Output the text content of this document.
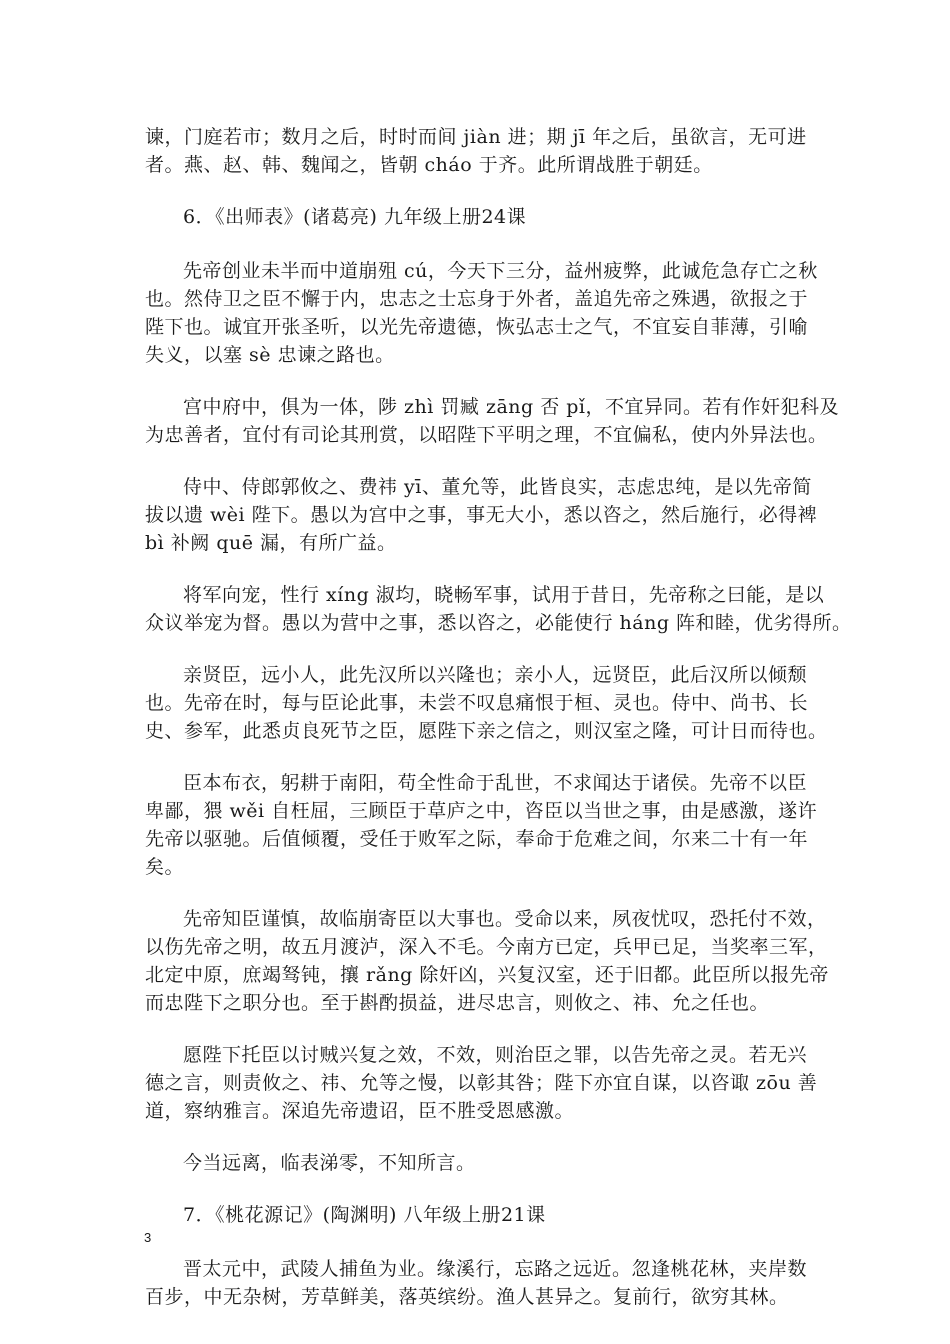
谏，门庭若市；数月之后，时时而间 jiàn 进；期 jī 年之后，虽欲言，无可进
者。燕、赵、韩、魏闻之，皆朝 cháo 于齐。此所谓战胜于朝廷。
6．《出师表》(诸葛亮) 九年级上册24课
先帝创业未半而中道崩殂 cú，今天下三分，益州疲弊，此诚危急存亡之秋
也。然侍卫之臣不懈于内，忠志之士忘身于外者，盖追先帝之殊遇，欲报之于
陛下也。诚宜开张圣听，以光先帝遗德，恢弘志士之气，不宜妄自菲薄，引喻
失义，以塞 sè 忠谏之路也。
宫中府中，俱为一体，陟 zhì 罚臧 zāng 否 pǐ，不宜异同。若有作奸犯科及
为忠善者，宜付有司论其刑赏，以昭陛下平明之理，不宜偏私，使内外异法也。
侍中、侍郎郭攸之、费祎 yī、董允等，此皆良实，志虑忠纯，是以先帝简
拔以遗 wèi 陛下。愚以为宫中之事，事无大小，悉以咨之，然后施行，必得裨
bì 补阙 quē 漏，有所广益。
将军向宠，性行 xíng 淑均，晓畅军事，试用于昔日，先帝称之曰能，是以
众议举宠为督。愚以为营中之事，悉以咨之，必能使行 háng 阵和睦，优劣得所。
亲贤臣，远小人，此先汉所以兴隆也；亲小人，远贤臣，此后汉所以倾颓
也。先帝在时，每与臣论此事，未尝不叹息痛恨于桓、灵也。侍中、尚书、长
史、参军，此悉贞良死节之臣，愿陛下亲之信之，则汉室之隆，可计日而待也。
臣本布衣，躬耕于南阳，苟全性命于乱世，不求闻达于诸侯。先帝不以臣
卑鄙，猥 wěi 自枉屈，三顾臣于草庐之中，咨臣以当世之事，由是感激，遂许
先帝以驱驰。后值倾覆，受任于败军之际，奉命于危难之间，尔来二十有一年
矣。
先帝知臣谨慎，故临崩寄臣以大事也。受命以来，夙夜忧叹，恐托付不效，
以伤先帝之明，故五月渡泸，深入不毛。今南方已定，兵甲已足，当奖率三军，
北定中原，庶竭驽钝，攘 rǎng 除奸凶，兴复汉室，还于旧都。此臣所以报先帝
而忠陛下之职分也。至于斟酌损益，进尽忠言，则攸之、祎、允之任也。
愿陛下托臣以讨贼兴复之效，不效，则治臣之罪，以告先帝之灵。若无兴
德之言，则责攸之、祎、允等之慢，以彰其咎；陛下亦宜自谋，以咨诹 zōu 善
道，察纳雅言。深追先帝遗诏，臣不胜受恩感激。
今当远离，临表涕零，不知所言。
7．《桃花源记》(陶渊明) 八年级上册21课
晋太元中，武陵人捕鱼为业。缘溪行，忘路之远近。忽逢桃花林，夹岸数
百步，中无杂树，芳草鲜美，落英缤纷。渔人甚异之。复前行，欲穷其林。
3
